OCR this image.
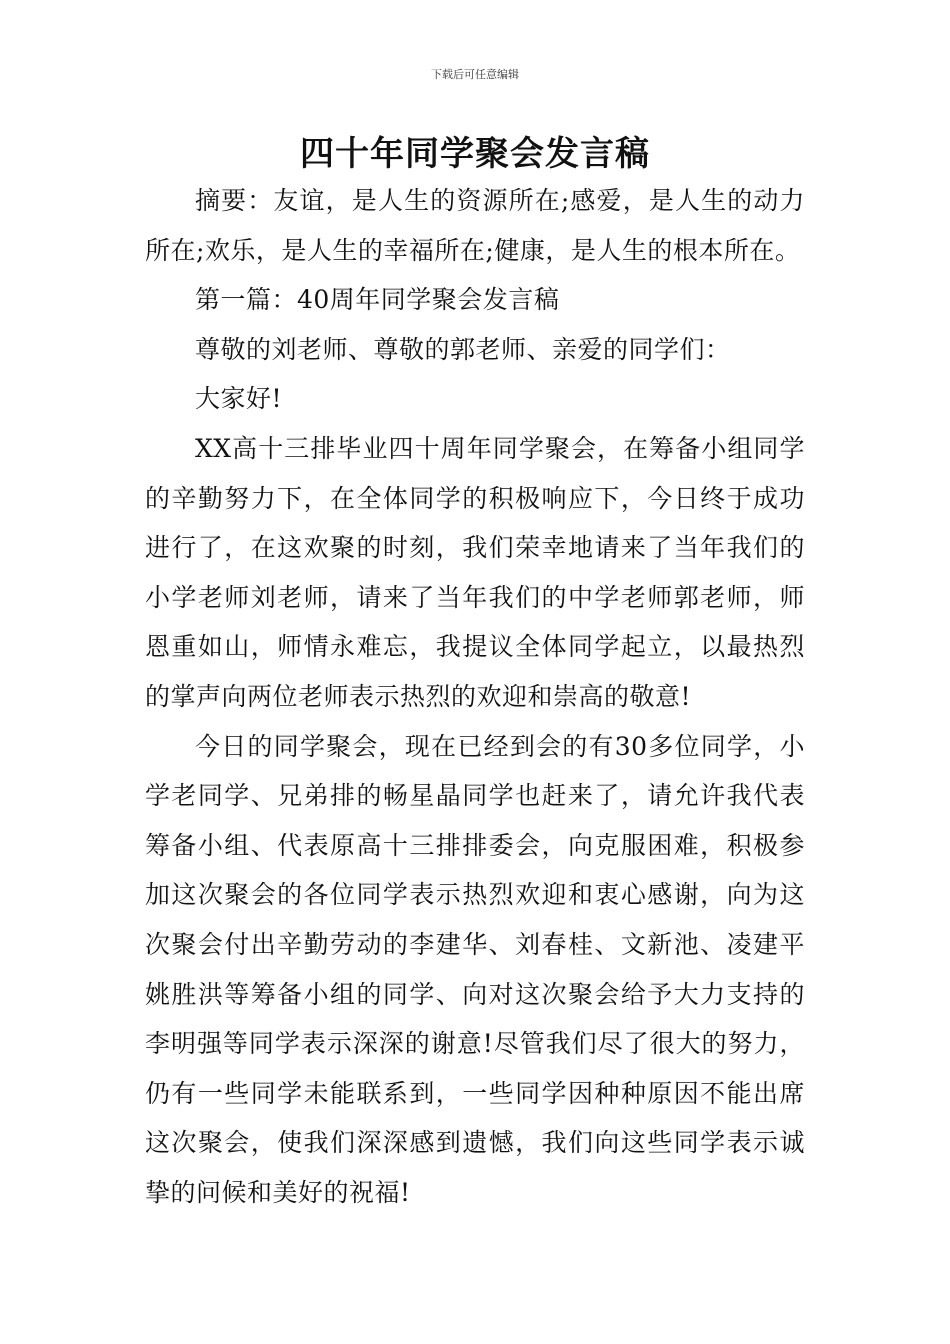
下载后可任意编辑
四十年同学聚会发言稿

摘要：友谊，是人生的资源所在;感爱，是人生的动力所在;欢乐，是人生的幸福所在;健康，是人生的根本所在。

第一篇：40周年同学聚会发言稿

尊敬的刘老师、尊敬的郭老师、亲爱的同学们：

大家好!

XX高十三排毕业四十周年同学聚会，在筹备小组同学的辛勤努力下，在全体同学的积极响应下，今日终于成功进行了，在这欢聚的时刻，我们荣幸地请来了当年我们的小学老师刘老师，请来了当年我们的中学老师郭老师，师恩重如山，师情永难忘，我提议全体同学起立，以最热烈的掌声向两位老师表示热烈的欢迎和崇高的敬意!

今日的同学聚会，现在已经到会的有30多位同学，小学老同学、兄弟排的畅星晶同学也赶来了，请允许我代表筹备小组、代表原高十三排排委会，向克服困难，积极参加这次聚会的各位同学表示热烈欢迎和衷心感谢，向为这次聚会付出辛勤劳动的李建华、刘春桂、文新池、凌建平姚胜洪等筹备小组的同学、向对这次聚会给予大力支持的李明强等同学表示深深的谢意!尽管我们尽了很大的努力，仍有一些同学未能联系到，一些同学因种种原因不能出席这次聚会，使我们深深感到遗憾，我们向这些同学表示诚挚的问候和美好的祝福!
